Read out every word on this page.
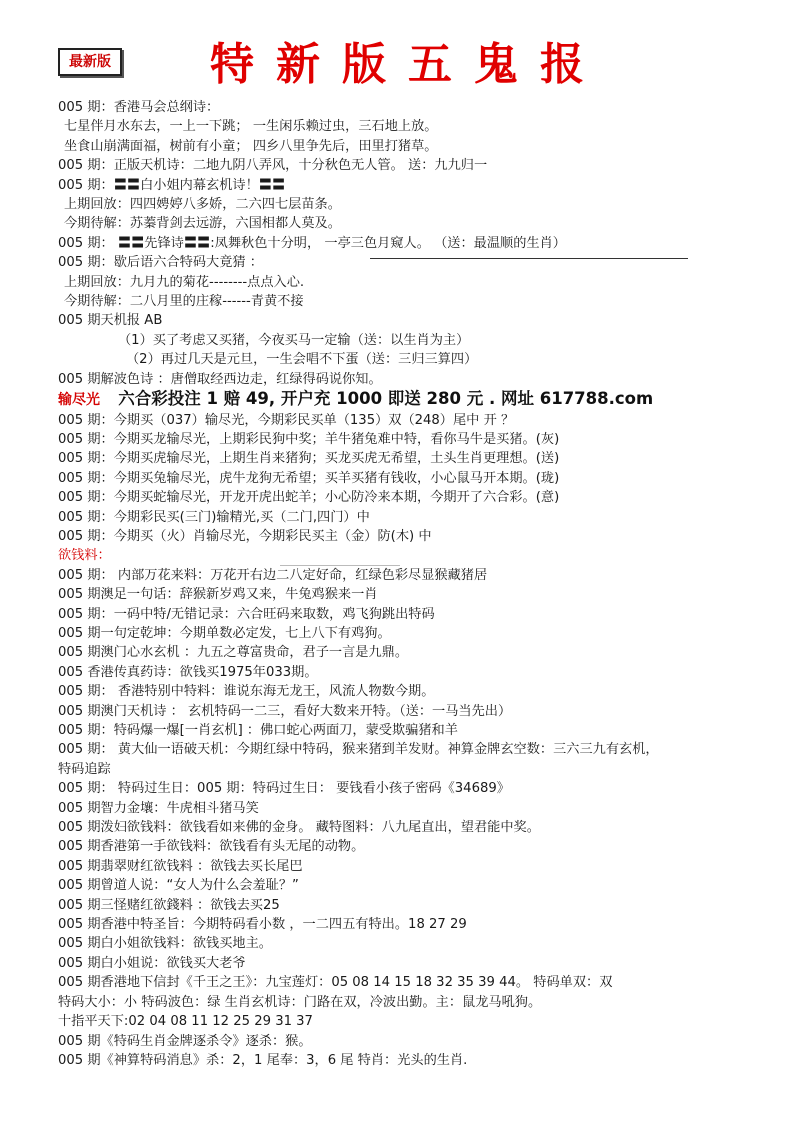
最新版 特新版五鬼报
005 期：香港马会总纲诗：
七星伴月水东去，一上一下跳； 一生闲乐赖过虫，三石地上放。
坐食山崩满面福，树前有小童； 四乡八里争先后，田里打猪草。
005 期：正版天机诗：二地九阴八弄风，十分秋色无人管。 送：九九归一
005 期：〓〓白小姐内幕玄机诗！〓〓
上期回放：四四娉婷八多娇，二六四七层苗条。
今期待解：苏蓁背剑去远游，六国相都人莫及。
005 期： 〓〓先锋诗〓〓:凤舞秋色十分明， 一亭三色月窥人。 （送：最温顺的生肖）
005 期：歇后语六合特码大竟猜 ：
上期回放：九月九的菊花--------点点入心.
今期待解：二八月里的庄稼------青黄不接
005 期天机报 AB
（1）买了考虑又买猪，今夜买马一定输（送：以生肖为主）
（2）再过几天是元旦，一生会唱不下蛋（送：三归三算四）
005 期解波色诗 ：唐僧取经西边走，红绿得码说你知。
输尽光 六合彩投注 1 赔 49, 开户充 1000 即送 280 元 . 网址 617788.com
005 期：今期买（037）输尽光，今期彩民买单（135）双（248）尾中 开 ？
005 期：今期买龙输尽光，上期彩民狗中奖；羊牛猪兔难中特，看你马牛是买猪。(灰)
005 期：今期买虎输尽光，上期生肖来猪狗；买龙买虎无希望，土头生肖更理想。(送)
005 期：今期买兔输尽光，虎牛龙狗无希望；买羊买猪有钱收，小心鼠马开本期。(珑)
005 期：今期买蛇输尽光，开龙开虎出蛇羊；小心防冷来本期，今期开了六合彩。(意)
005 期：今期彩民买(三门)输精光,买（二门,四门）中
005 期：今期买（火）肖输尽光，今期彩民买主（金）防(木) 中
欲钱料：
005 期： 内部万花来料：万花开右边二八定好命，红绿色彩尽显猴藏猪居
005 期澳足一句话：辞猴新岁鸡又来，牛兔鸡猴来一肖
005 期：一码中特/无错记录：六合旺码来取数，鸡飞狗跳出特码
005 期一句定乾坤：今期单数必定发，七上八下有鸡狗。
005 期澳门心水玄机 ：九五之尊富贵命，君子一言是九鼎。
005 香港传真药诗：欲钱买1975年033期。
005 期： 香港特别中特料：谁说东海无龙王，风流人物数今期。
005 期澳门天机诗 ： 玄机特码一二三，看好大数来开特。（送：一马当先出）
005 期：特码爆一爆[一肖玄机] ：佛口蛇心两面刀，蒙受欺骗猪和羊
005 期： 黄大仙一语破天机：今期红绿中特码，猴来猪到羊发财。神算金牌玄空数：三六三九有玄机，
特码追踪
005 期： 特码过生日：005 期：特码过生日： 要钱看小孩子密码《34689》
005 期智力金壤：牛虎相斗猪马笑
005 期泼妇欲钱料：欲钱看如来佛的金身。 藏特图料：八九尾直出，望君能中奖。
005 期香港第一手欲钱料：欲钱看有头无尾的动物。
005 期翡翠财红欲钱料 ：欲钱去买长尾巴
005 期曾道人说：“女人为什么会羞耻？”
005 期三怪赌红欲錢料 ：欲钱去买25
005 期香港中特圣旨：今期特码看小数 ，一二四五有特出。18 27 29
005 期白小姐欲钱料：欲钱买地主。
005 期白小姐说：欲钱买大老爷
005 期香港地下信封《千王之王》：九宝莲灯：05 08 14 15 18 32 35 39 44。 特码单双：双
特码大小：小 特码波色：绿 生肖玄机诗：门路在双，冷波出勤。主：鼠龙马吼狗。
十指平天下:02 04 08 11 12 25 29 31 37
005 期《特码生肖金牌逐杀令》逐杀：猴。
005 期《神算特码消息》杀：2，1 尾奉：3，6 尾 特肖：光头的生肖.
